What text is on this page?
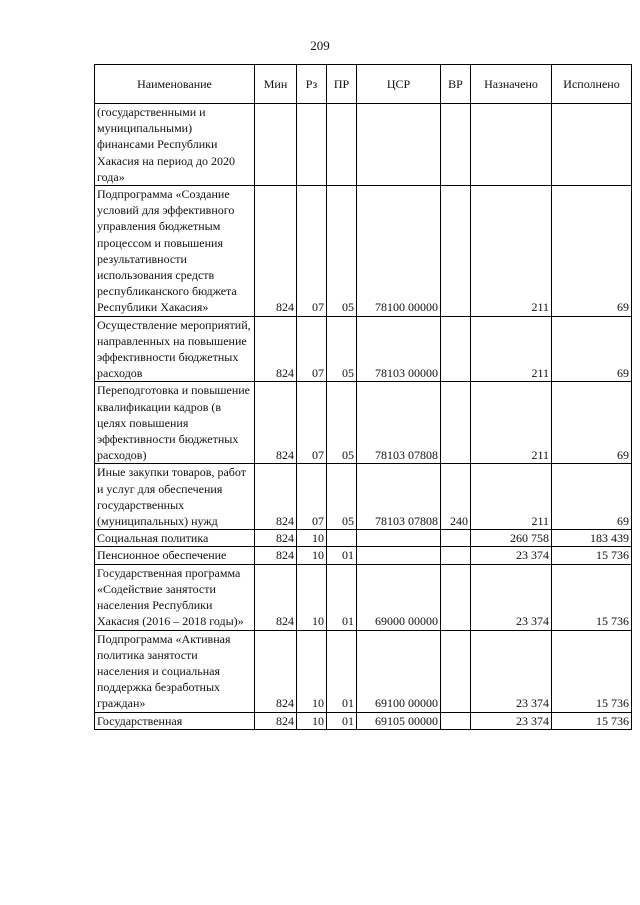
209
Наименование	Мин	Рз	ПР	ЦСР	ВР	Назначено	Исполнено
(государственными и муниципальными) финансами Республики Хакасия на период до 2020 года»							
Подпрограмма «Создание условий для эффективного управления бюджетным процессом и повышения результативности использования средств республиканского бюджета Республики Хакасия»	824	07	05	78100 00000		211	69
Осуществление мероприятий, направленных на повышение эффективности бюджетных расходов	824	07	05	78103 00000		211	69
Переподготовка и повышение квалификации кадров (в целях повышения эффективности бюджетных расходов)	824	07	05	78103 07808		211	69
Иные закупки товаров, работ и услуг для обеспечения государственных (муниципальных) нужд	824	07	05	78103 07808	240	211	69
Социальная политика	824	10				260 758	183 439
Пенсионное обеспечение	824	10	01			23 374	15 736
Государственная программа «Содействие занятости населения Республики Хакасия (2016 – 2018 годы)»	824	10	01	69000 00000		23 374	15 736
Подпрограмма «Активная политика занятости населения и социальная поддержка безработных граждан»	824	10	01	69100 00000		23 374	15 736
Государственная	824	10	01	69105 00000		23 374	15 736
